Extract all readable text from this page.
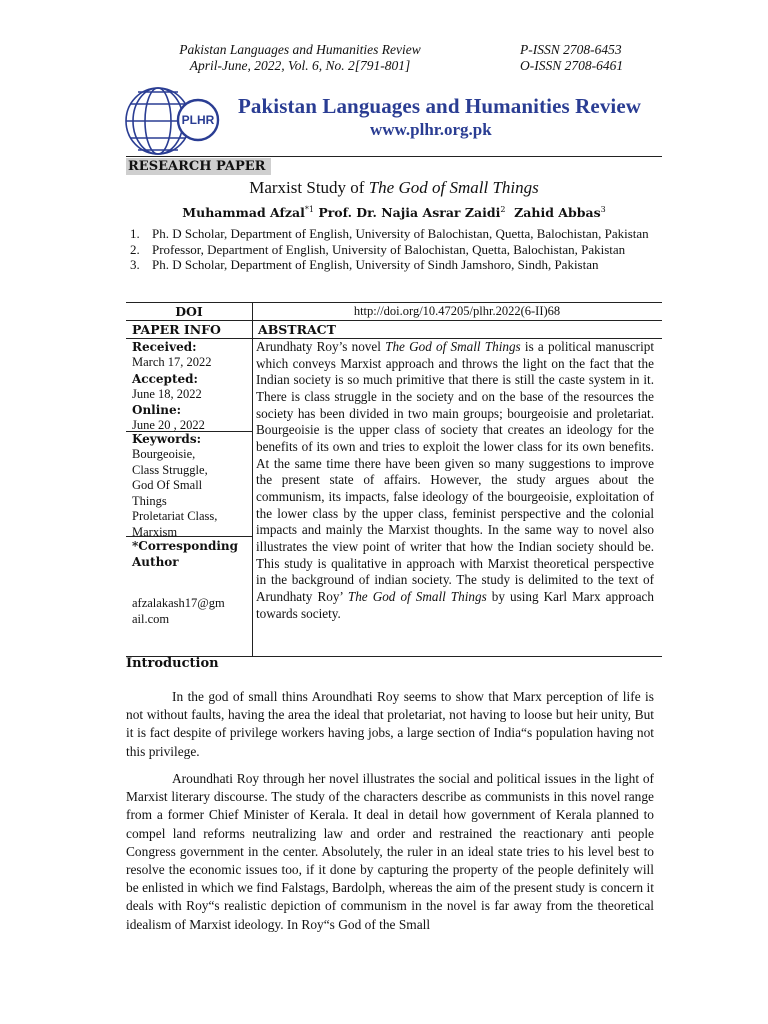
Pakistan Languages and Humanities Review
April-June, 2022, Vol. 6, No. 2[791-801]
P-ISSN 2708-6453
O-ISSN 2708-6461
PLHR
Pakistan Languages and Humanities Review
www.plhr.org.pk
RESEARCH PAPER
Marxist Study of The God of Small Things
Muhammad Afzal$^{*1}$ Prof. Dr. Najia Asrar Zaidi$^2$ Zahid Abbas$^3$
1. Ph. D Scholar, Department of English, University of Balochistan, Quetta, Balochistan, Pakistan
2. Professor, Department of English, University of Balochistan, Quetta, Balochistan, Pakistan
3. Ph. D Scholar, Department of English, University of Sindh Jamshoro, Sindh, Pakistan
DOI	http://doi.org/10.47205/plhr.2022(6-II)68
PAPER INFO	ABSTRACT
Received:
March 17, 2022
Accepted:
June 18, 2022
Online:
June 20 , 2022
Keywords:
Bourgeoisie,
Class Struggle,
God Of Small
Things
Proletariat Class,
Marxism
*Corresponding
Author
afzalakash17@gm
ail.com
Arundhaty Roy’s novel The God of Small Things is a political manuscript which conveys Marxist approach and throws the light on the fact that the Indian society is so much primitive that there is still the caste system in it. There is class struggle in the society and on the base of the resources the society has been divided in two main groups; bourgeoisie and proletariat. Bourgeoisie is the upper class of society that creates an ideology for the benefits of its own and tries to exploit the lower class for its own benefits. At the same time there have been given so many suggestions to improve the present state of affairs. However, the study argues about the communism, its impacts, false ideology of the bourgeoisie, exploitation of the lower class by the upper class, feminist perspective and the colonial impacts and mainly the Marxist thoughts. In the same way to novel also illustrates the view point of writer that how the Indian society should be. This study is qualitative in approach with Marxist theoretical perspective in the background of indian society. The study is delimited to the text of Arundhaty Roy’ The God of Small Things by using Karl Marx approach towards society.
Introduction

In the god of small thins Aroundhati Roy seems to show that Marx perception of life is not without faults, having the area the ideal that proletariat, not having to loose but heir unity, But it is fact despite of privilege workers having jobs, a large section of India“s population having not this privilege.

Aroundhati Roy through her novel illustrates the social and political issues in the light of Marxist literary discourse. The study of the characters describe as communists in this novel range from a former Chief Minister of Kerala. It deal in detail how government of Kerala planned to compel land reforms neutralizing law and order and restrained the reactionary anti people Congress government in the center. Absolutely, the ruler in an ideal state tries to his level best to resolve the economic issues too, if it done by capturing the property of the people definitely will be enlisted in which we find Falstags, Bardolph, whereas the aim of the present study is concern it deals with Roy“s realistic depiction of communism in the novel is far away from the theoretical idealism of Marxist ideology. In Roy“s God of the Small
